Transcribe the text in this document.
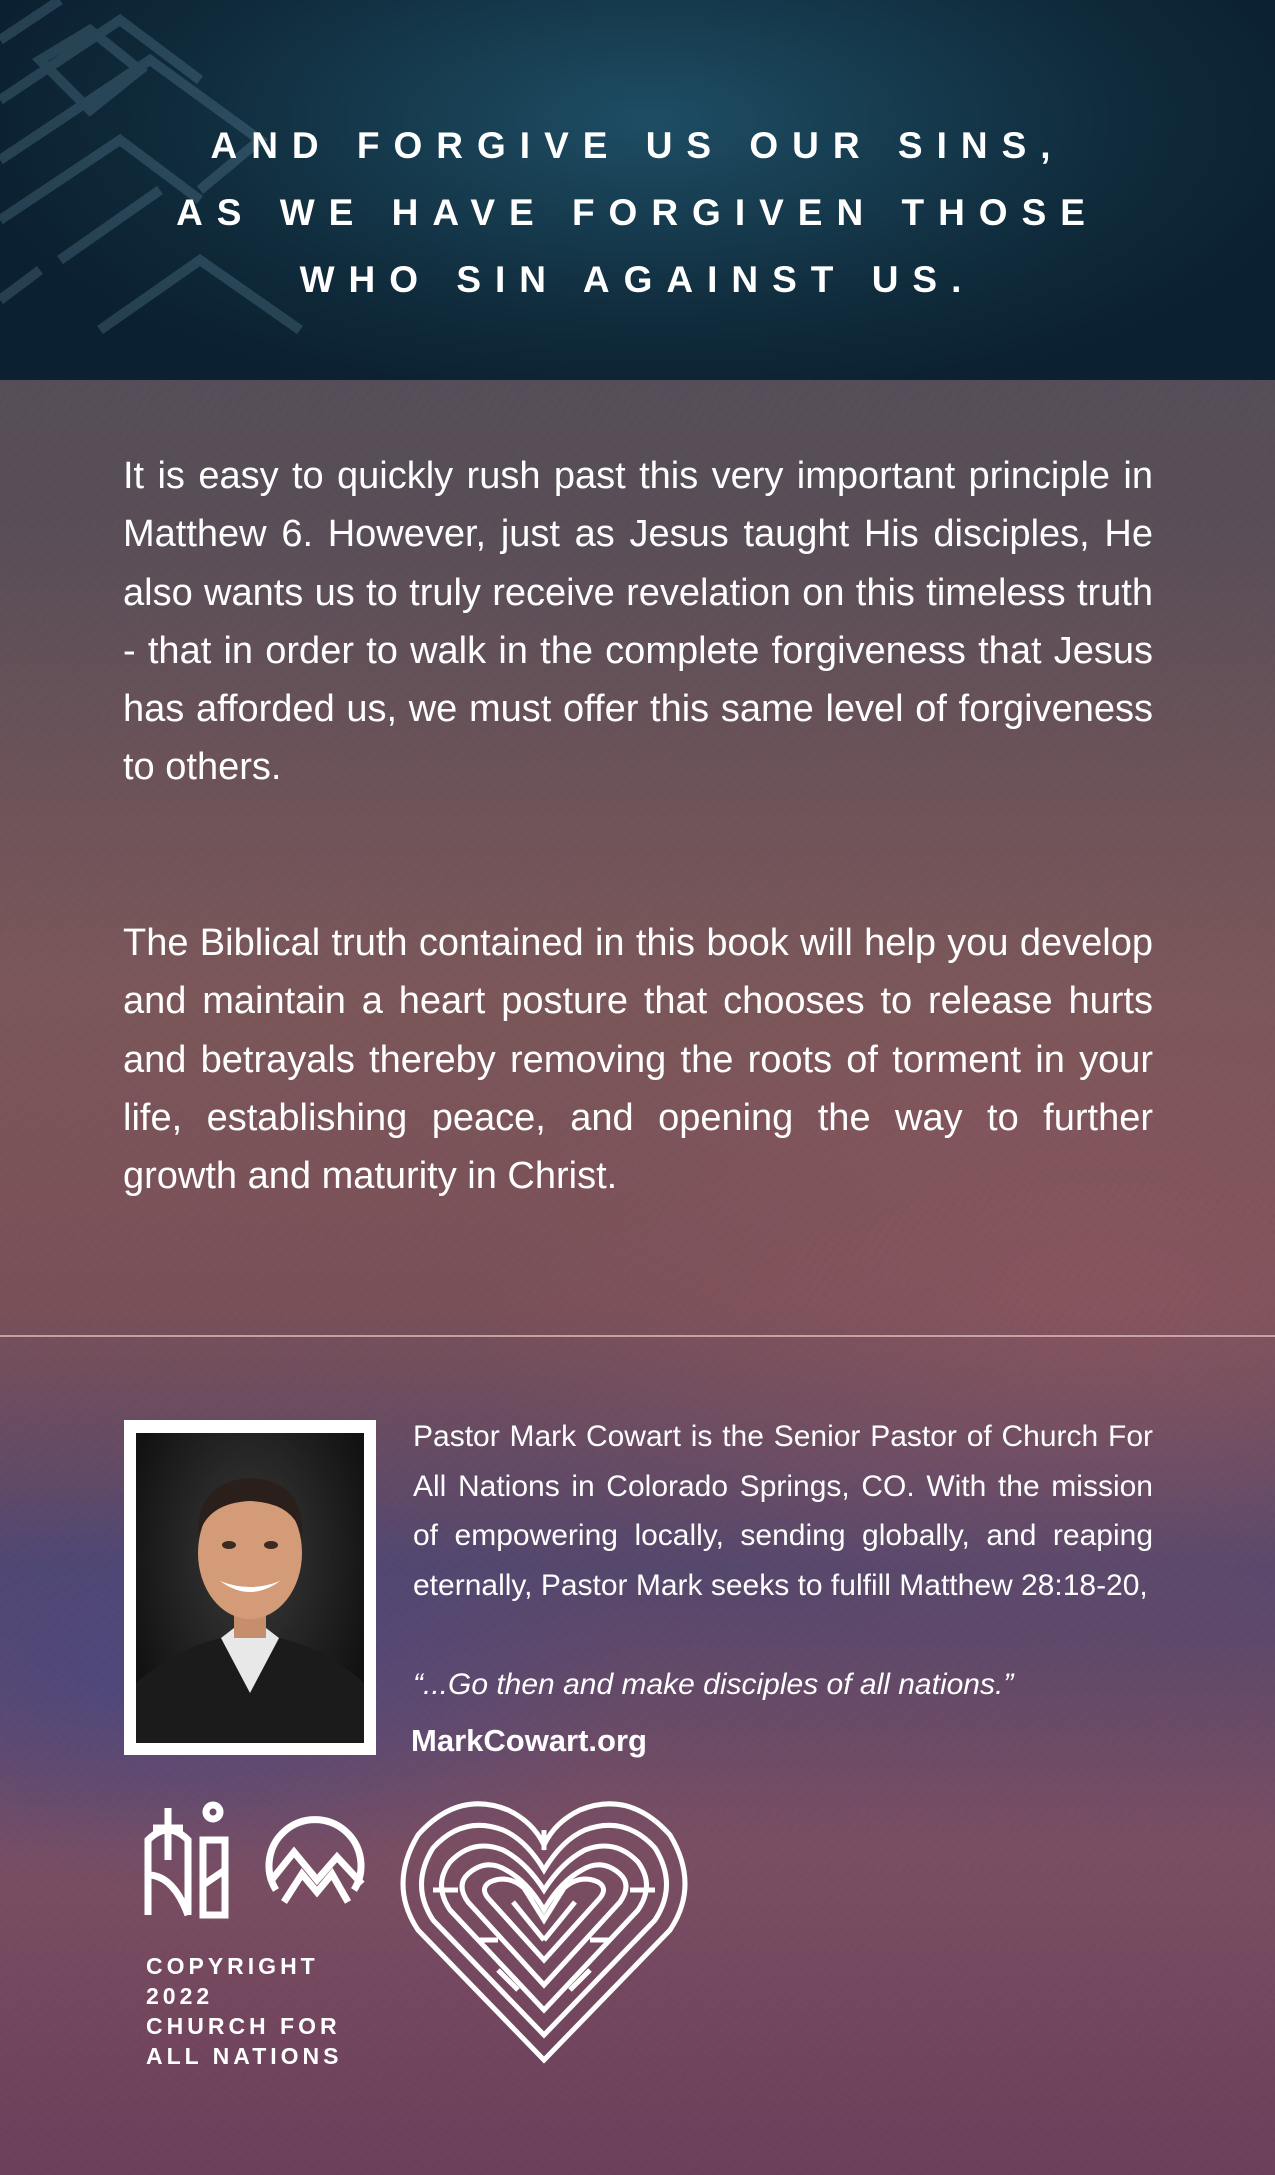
AND FORGIVE US OUR SINS,
AS WE HAVE FORGIVEN THOSE
WHO SIN AGAINST US.

It is easy to quickly rush past this very important principle in Matthew 6. However, just as Jesus taught His disciples, He also wants us to truly receive revelation on this timeless truth - that in order to walk in the complete forgiveness that Jesus has afforded us, we must offer this same level of forgiveness to others.

The Biblical truth contained in this book will help you develop and maintain a heart posture that chooses to release hurts and betrayals thereby removing the roots of torment in your life, establishing peace, and opening the way to further growth and maturity in Christ.

Pastor Mark Cowart is the Senior Pastor of Church For All Nations in Colorado Springs, CO. With the mission of empowering locally, sending globally, and reaping eternally, Pastor Mark seeks to fulfill Matthew 28:18-20,

“...Go then and make disciples of all nations.”
MarkCowart.org
COPYRIGHT
2022
CHURCH FOR
ALL NATIONS
